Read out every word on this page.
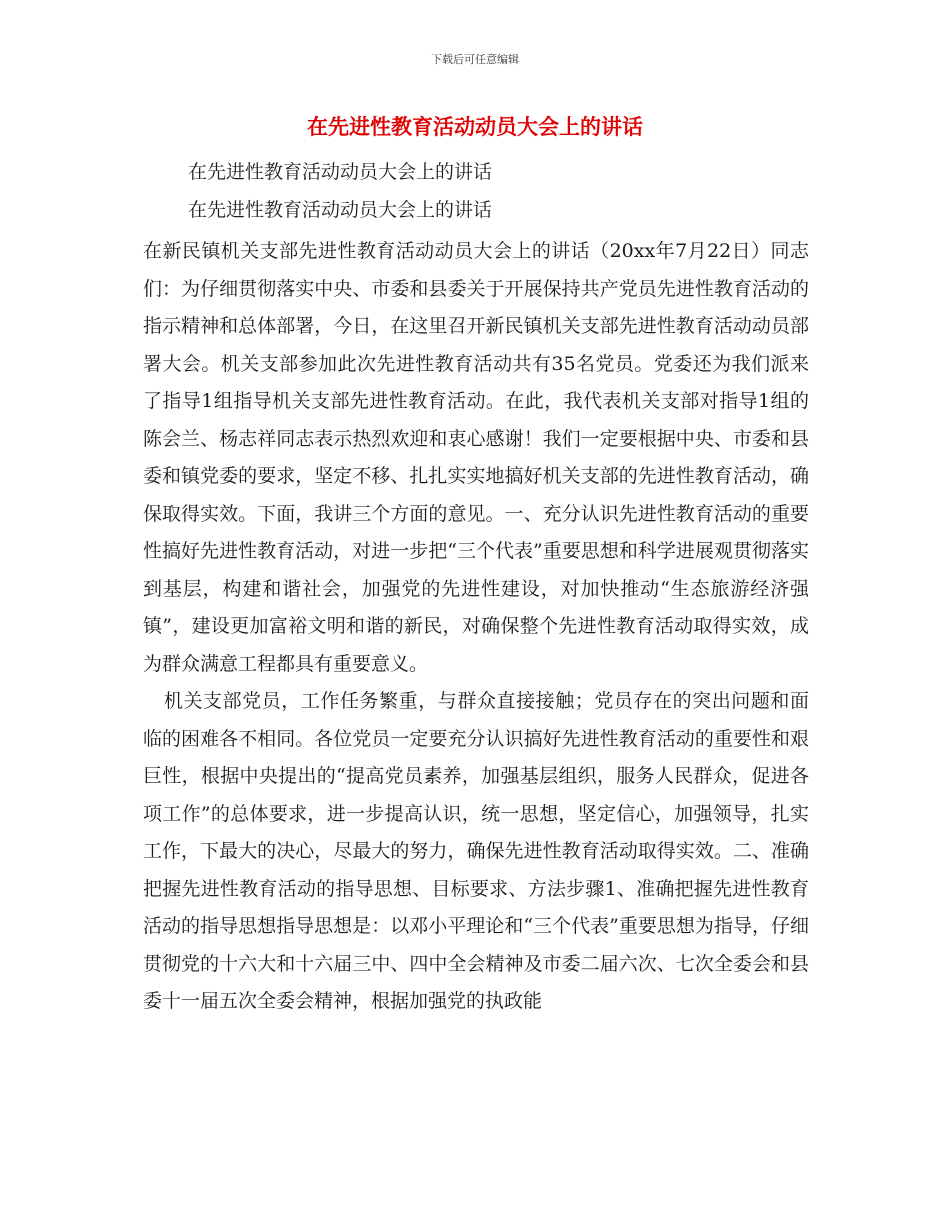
下载后可任意编辑
在先进性教育活动动员大会上的讲话
在先进性教育活动动员大会上的讲话
在先进性教育活动动员大会上的讲话

在新民镇机关支部先进性教育活动动员大会上的讲话（20xx年7月22日）同志们：为仔细贯彻落实中央、市委和县委关于开展保持共产党员先进性教育活动的指示精神和总体部署，今日，在这里召开新民镇机关支部先进性教育活动动员部署大会。机关支部参加此次先进性教育活动共有35名党员。党委还为我们派来了指导1组指导机关支部先进性教育活动。在此，我代表机关支部对指导1组的陈会兰、杨志祥同志表示热烈欢迎和衷心感谢！我们一定要根据中央、市委和县委和镇党委的要求，坚定不移、扎扎实实地搞好机关支部的先进性教育活动，确保取得实效。下面，我讲三个方面的意见。一、充分认识先进性教育活动的重要性搞好先进性教育活动，对进一步把“三个代表”重要思想和科学进展观贯彻落实到基层，构建和谐社会，加强党的先进性建设，对加快推动“生态旅游经济强镇”，建设更加富裕文明和谐的新民，对确保整个先进性教育活动取得实效，成为群众满意工程都具有重要意义。

机关支部党员，工作任务繁重，与群众直接接触；党员存在的突出问题和面临的困难各不相同。各位党员一定要充分认识搞好先进性教育活动的重要性和艰巨性，根据中央提出的“提高党员素养，加强基层组织，服务人民群众，促进各项工作”的总体要求，进一步提高认识，统一思想，坚定信心，加强领导，扎实工作，下最大的决心，尽最大的努力，确保先进性教育活动取得实效。二、准确把握先进性教育活动的指导思想、目标要求、方法步骤1、准确把握先进性教育活动的指导思想指导思想是：以邓小平理论和“三个代表”重要思想为指导，仔细贯彻党的十六大和十六届三中、四中全会精神及市委二届六次、七次全委会和县委十一届五次全委会精神，根据加强党的执政能
